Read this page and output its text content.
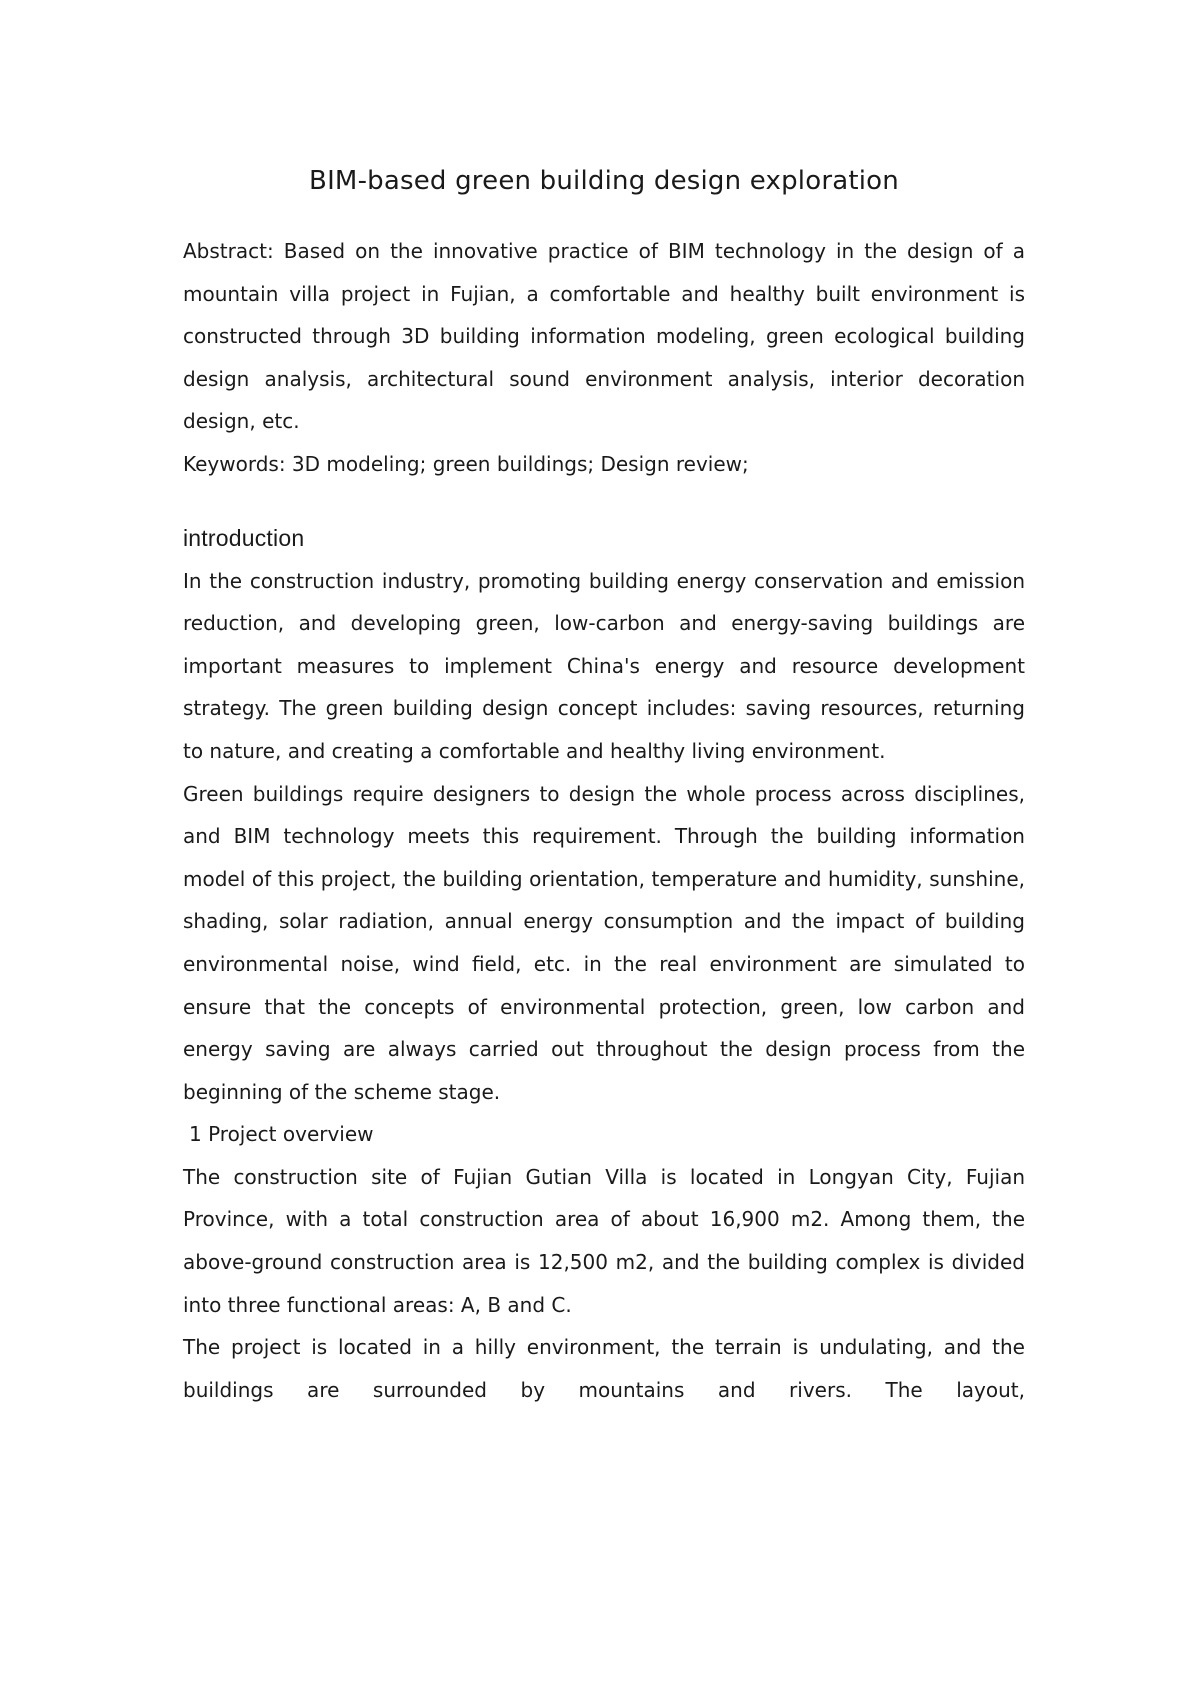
BIM-based green building design exploration

Abstract: Based on the innovative practice of BIM technology in the design of a mountain villa project in Fujian, a comfortable and healthy built environment is constructed through 3D building information modeling, green ecological building design analysis, architectural sound environment analysis, interior decoration design, etc.

Keywords: 3D modeling; green buildings; Design review;

introduction

In the construction industry, promoting building energy conservation and emission reduction, and developing green, low-carbon and energy-saving buildings are important measures to implement China's energy and resource development strategy. The green building design concept includes: saving resources, returning to nature, and creating a comfortable and healthy living environment.

Green buildings require designers to design the whole process across disciplines, and BIM technology meets this requirement. Through the building information model of this project, the building orientation, temperature and humidity, sunshine, shading, solar radiation, annual energy consumption and the impact of building environmental noise, wind field, etc. in the real environment are simulated to ensure that the concepts of environmental protection, green, low carbon and energy saving are always carried out throughout the design process from the beginning of the scheme stage.

1 Project overview

The construction site of Fujian Gutian Villa is located in Longyan City, Fujian Province, with a total construction area of about 16,900 m2. Among them, the above-ground construction area is 12,500 m2, and the building complex is divided into three functional areas: A, B and C.

The project is located in a hilly environment, the terrain is undulating, and the buildings are surrounded by mountains and rivers. The layout,
